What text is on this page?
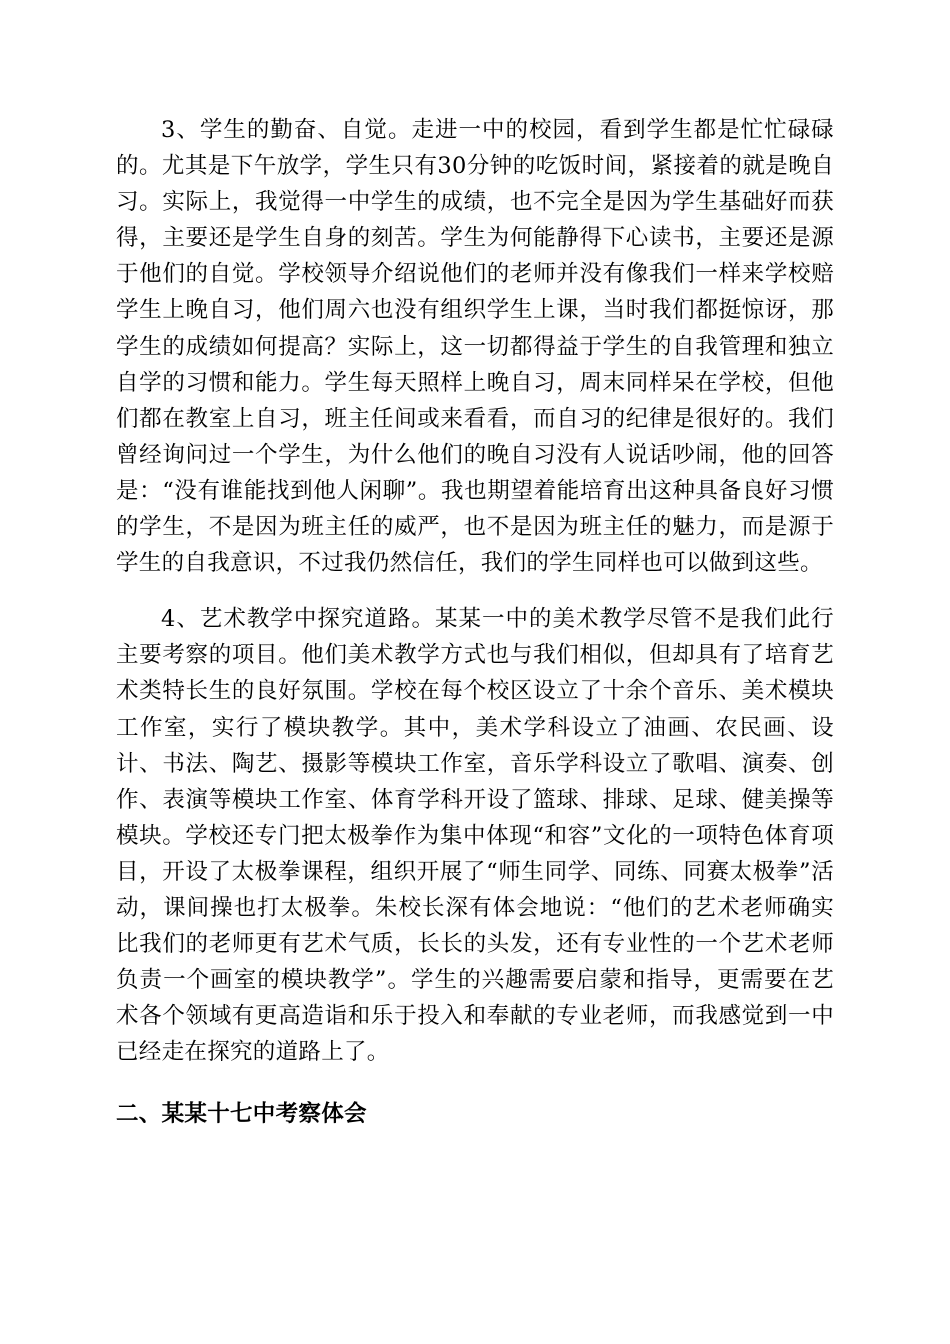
3、学生的勤奋、自觉。走进一中的校园，看到学生都是忙忙碌碌的。尤其是下午放学，学生只有30分钟的吃饭时间，紧接着的就是晚自习。实际上，我觉得一中学生的成绩，也不完全是因为学生基础好而获得，主要还是学生自身的刻苦。学生为何能静得下心读书，主要还是源于他们的自觉。学校领导介绍说他们的老师并没有像我们一样来学校赔学生上晚自习，他们周六也没有组织学生上课，当时我们都挺惊讶，那学生的成绩如何提高？实际上，这一切都得益于学生的自我管理和独立自学的习惯和能力。学生每天照样上晚自习，周末同样呆在学校，但他们都在教室上自习，班主任间或来看看，而自习的纪律是很好的。我们曾经询问过一个学生，为什么他们的晚自习没有人说话吵闹，他的回答是：“没有谁能找到他人闲聊”。我也期望着能培育出这种具备良好习惯的学生，不是因为班主任的威严，也不是因为班主任的魅力，而是源于学生的自我意识，不过我仍然信任，我们的学生同样也可以做到这些。

4、艺术教学中探究道路。某某一中的美术教学尽管不是我们此行主要考察的项目。他们美术教学方式也与我们相似，但却具有了培育艺术类特长生的良好氛围。学校在每个校区设立了十余个音乐、美术模块工作室，实行了模块教学。其中，美术学科设立了油画、农民画、设计、书法、陶艺、摄影等模块工作室，音乐学科设立了歌唱、演奏、创作、表演等模块工作室、体育学科开设了篮球、排球、足球、健美操等模块。学校还专门把太极拳作为集中体现“和容”文化的一项特色体育项目，开设了太极拳课程，组织开展了“师生同学、同练、同赛太极拳”活动，课间操也打太极拳。朱校长深有体会地说：“他们的艺术老师确实比我们的老师更有艺术气质，长长的头发，还有专业性的一个艺术老师负责一个画室的模块教学”。学生的兴趣需要启蒙和指导，更需要在艺术各个领域有更高造诣和乐于投入和奉献的专业老师，而我感觉到一中已经走在探究的道路上了。

二、某某十七中考察体会
